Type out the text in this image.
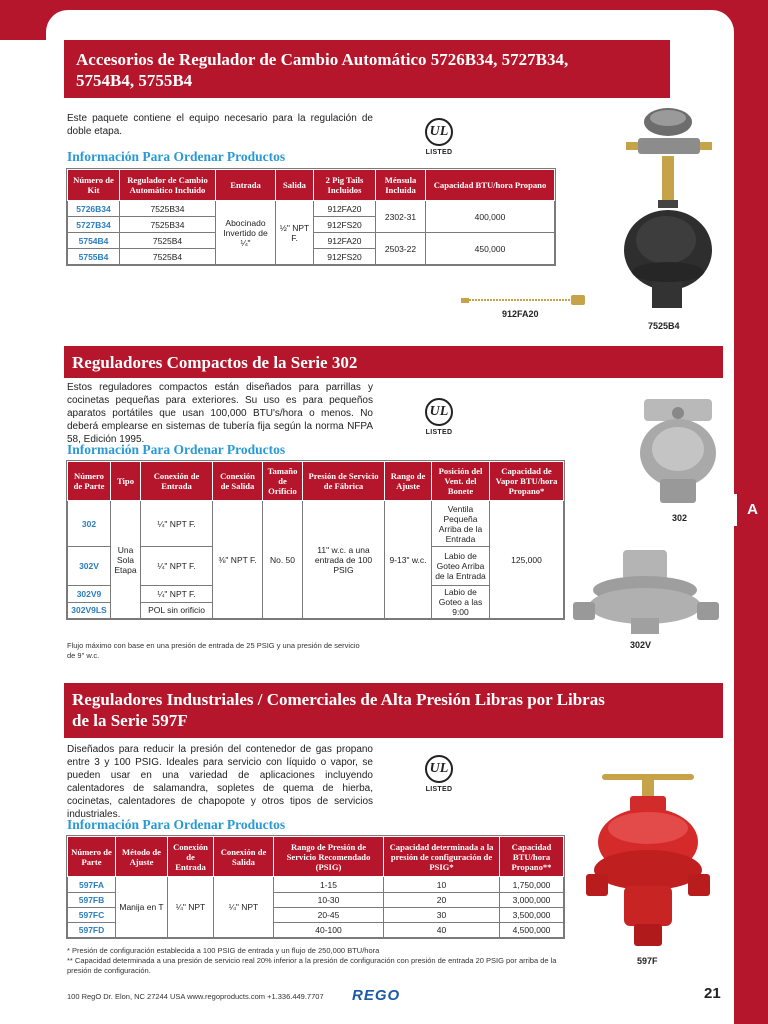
A
Accesorios de Regulador de Cambio Automático 5726B34, 5727B34,
5754B4, 5755B4
Este paquete contiene el equipo necesario para la regulación de doble etapa.	UL
LISTED
Información Para Ordenar Productos
Número de Kit	Regulador de Cambio Automático Incluido	Entrada	Salida	2 Pig Tails Incluidos	Ménsula Incluida	Capacidad BTU/hora Propano
5726B34	7525B34	Abocinado Invertido de ¼"	½" NPT F.	912FA20	2302-31	400,000
5727B34	7525B34			912FS20		
5754B4	7525B4			912FA20	2503-22	450,000
5755B4	7525B4			912FS20		
7525B4
912FA20
Reguladores Compactos de la Serie 302
Estos reguladores compactos están diseñados para parrillas y cocinetas pequeñas para exteriores. Su uso es para pequeños aparatos portátiles que usan 100,000 BTU's/hora o menos. No deberá emplearse en sistemas de tubería fija según la norma NFPA 58, Edición 1995.
UL
LISTED
Información Para Ordenar Productos
Número de Parte	Tipo	Conexión de Entrada	Conexión de Salida	Tamaño de Orificio	Presión de Servicio de Fábrica	Rango de Ajuste	Posición del Vent. del Bonete	Capacidad de Vapor BTU/hora Propano*
302	Una Sola Etapa	¼" NPT F.	⅜" NPT F.	No. 50	11" w.c. a una entrada de 100 PSIG	9-13" w.c.	Ventila Pequeña Arriba de la Entrada	125,000
302V		¼" NPT F.					Labio de Goteo Arriba de la Entrada	
302V9		¼" NPT F.					Labio de Goteo a las 9:00	
302V9LS		POL sin orificio						
Flujo máximo con base en una presión de entrada de 25 PSIG y una presión de servicio de 9" w.c.
302
302V
Reguladores Industriales / Comerciales de Alta Presión Libras por Libras
de la Serie 597F
Diseñados para reducir la presión del contenedor de gas propano entre 3 y 100 PSIG. Ideales para servicio con líquido o vapor, se pueden usar en una variedad de aplicaciones incluyendo calentadores de salamandra, sopletes de quema de hierba, cocinetas, calentadores de chapopote y otros tipos de servicios industriales.
UL
LISTED
Información Para Ordenar Productos
Número de Parte	Método de Ajuste	Conexión de Entrada	Conexión de Salida	Rango de Presión de Servicio Recomendado (PSIG)	Capacidad determinada a la presión de configuración de PSIG*	Capacidad BTU/hora Propano**
597FA	Manija en T	¼" NPT	¼" NPT	1-15	10	1,750,000
597FB				10-30	20	3,000,000
597FC				20-45	30	3,500,000
597FD				40-100	40	4,500,000
* Presión de configuración establecida a 100 PSIG de entrada y un flujo de 250,000 BTU/hora
** Capacidad determinada a una presión de servicio real 20% inferior a la presión de configuración con presión de entrada 20 PSIG por arriba de la presión de configuración.
597F
100 RegO Dr. Elon, NC 27244 USA www.regoproducts.com +1.336.449.7707 REGO	21
